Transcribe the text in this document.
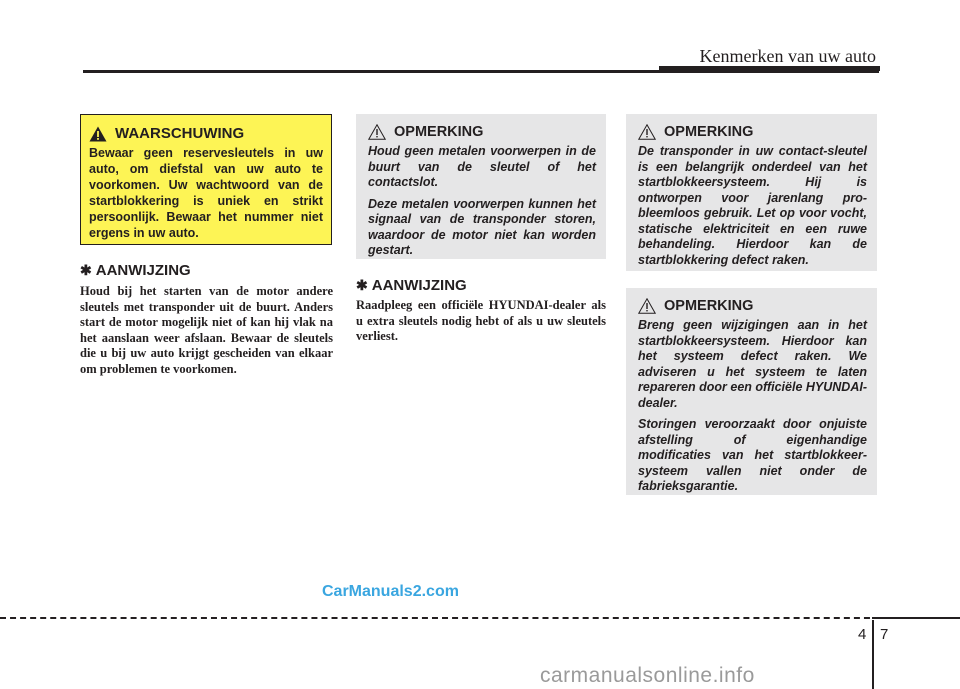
Kenmerken van uw auto
WAARSCHUWING
Bewaar geen reservesleutels in uw auto, om diefstal van uw auto te voorkomen. Uw wachtwoord van de startblokkering is uniek en strikt persoonlijk. Bewaar het nummer niet ergens in uw auto.
✱ AANWIJZING
Houd bij het starten van de motor andere sleutels met transponder uit de buurt. Anders start de motor mogelijk niet of kan hij vlak na het aanslaan weer afslaan. Bewaar de sleutels die u bij uw auto krijgt gescheiden van elkaar om problemen te voorkomen.
OPMERKING

Houd geen metalen voorwerpen in de buurt van de sleutel of het contactslot.

Deze metalen voorwerpen kunnen het signaal van de transponder storen, waardoor de motor niet kan worden gestart.

✱ AANWIJZING
Raadpleeg een officiële HYUNDAI-dealer als u extra sleutels nodig hebt of als u uw sleutels verliest.
OPMERKING

De transponder in uw contact-sleutel is een belangrijk onderdeel van het startblokkeersysteem. Hij is ontworpen voor jarenlang pro-bleemloos gebruik. Let op voor vocht, statische elektriciteit en een ruwe behandeling. Hierdoor kan de startblokkering defect raken.

OPMERKING

Breng geen wijzigingen aan in het startblokkeersysteem. Hierdoor kan het systeem defect raken. We adviseren u het systeem te laten repareren door een officiële HYUNDAI-dealer.

Storingen veroorzaakt door onjuiste afstelling of eigenhandige modificaties van het startblokkeer-systeem vallen niet onder de fabrieksgarantie.

CarManuals2.com
4 7
carmanualsonline.info
